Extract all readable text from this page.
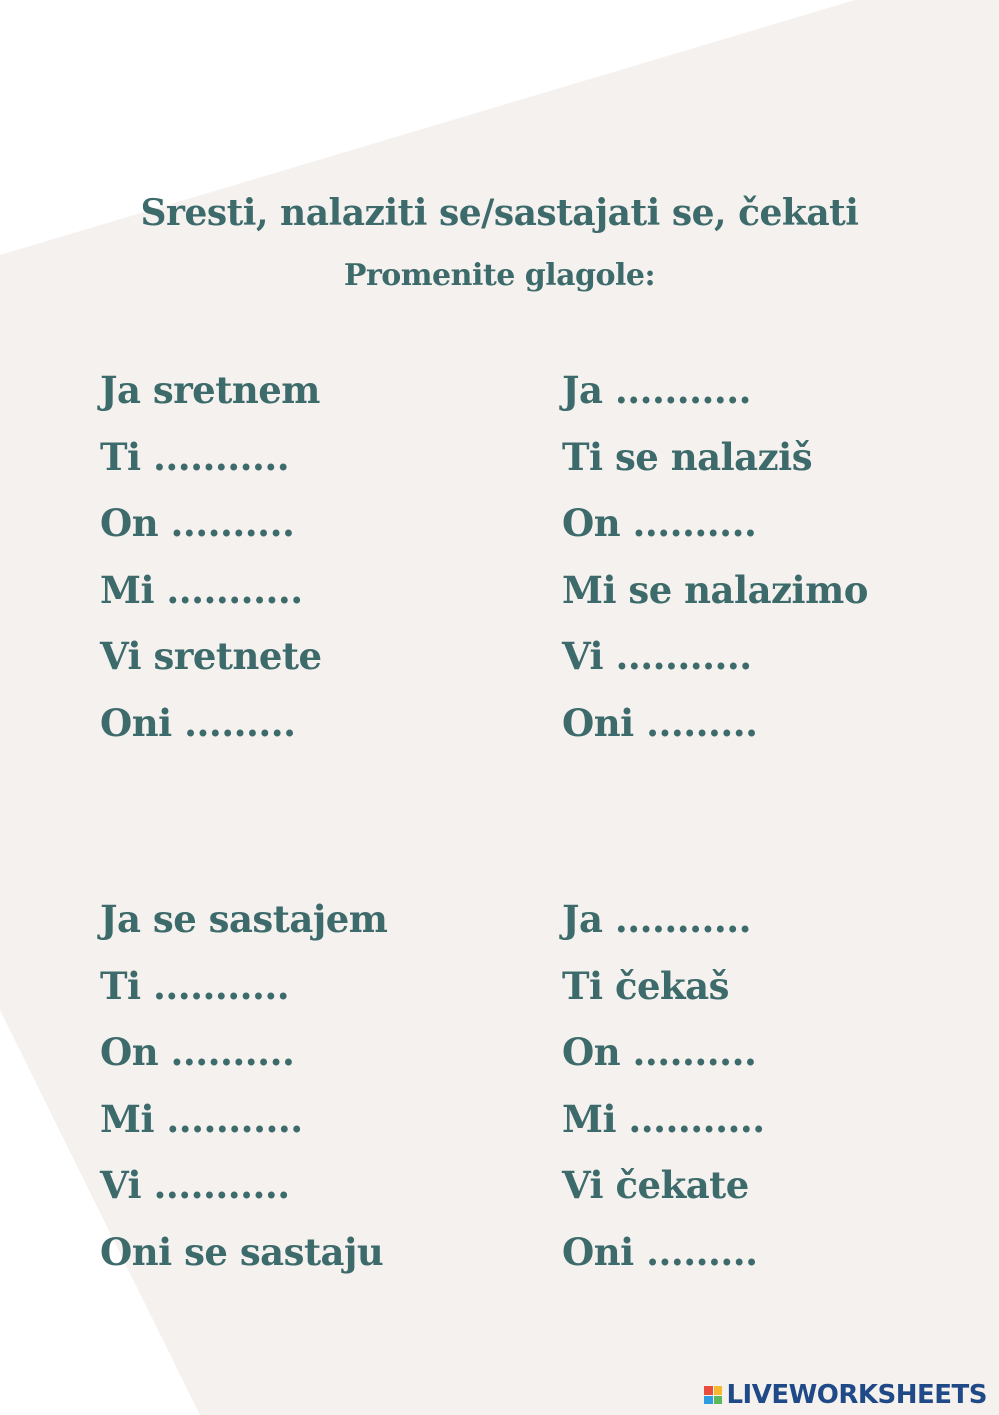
Sresti, nalaziti se/sastajati se, čekati
Promenite glagole:
Ja sretnem
Ti ...........
On ..........
Mi ...........
Vi sretnete
Oni .........
Ja ...........
Ti se nalaziš
On ..........
Mi se nalazimo
Vi ...........
Oni .........
Ja se sastajem
Ti ...........
On ..........
Mi ...........
Vi ...........
Oni se sastaju
Ja ...........
Ti čekaš
On ..........
Mi ...........
Vi čekate
Oni .........
LIVEWORKSHEETS
